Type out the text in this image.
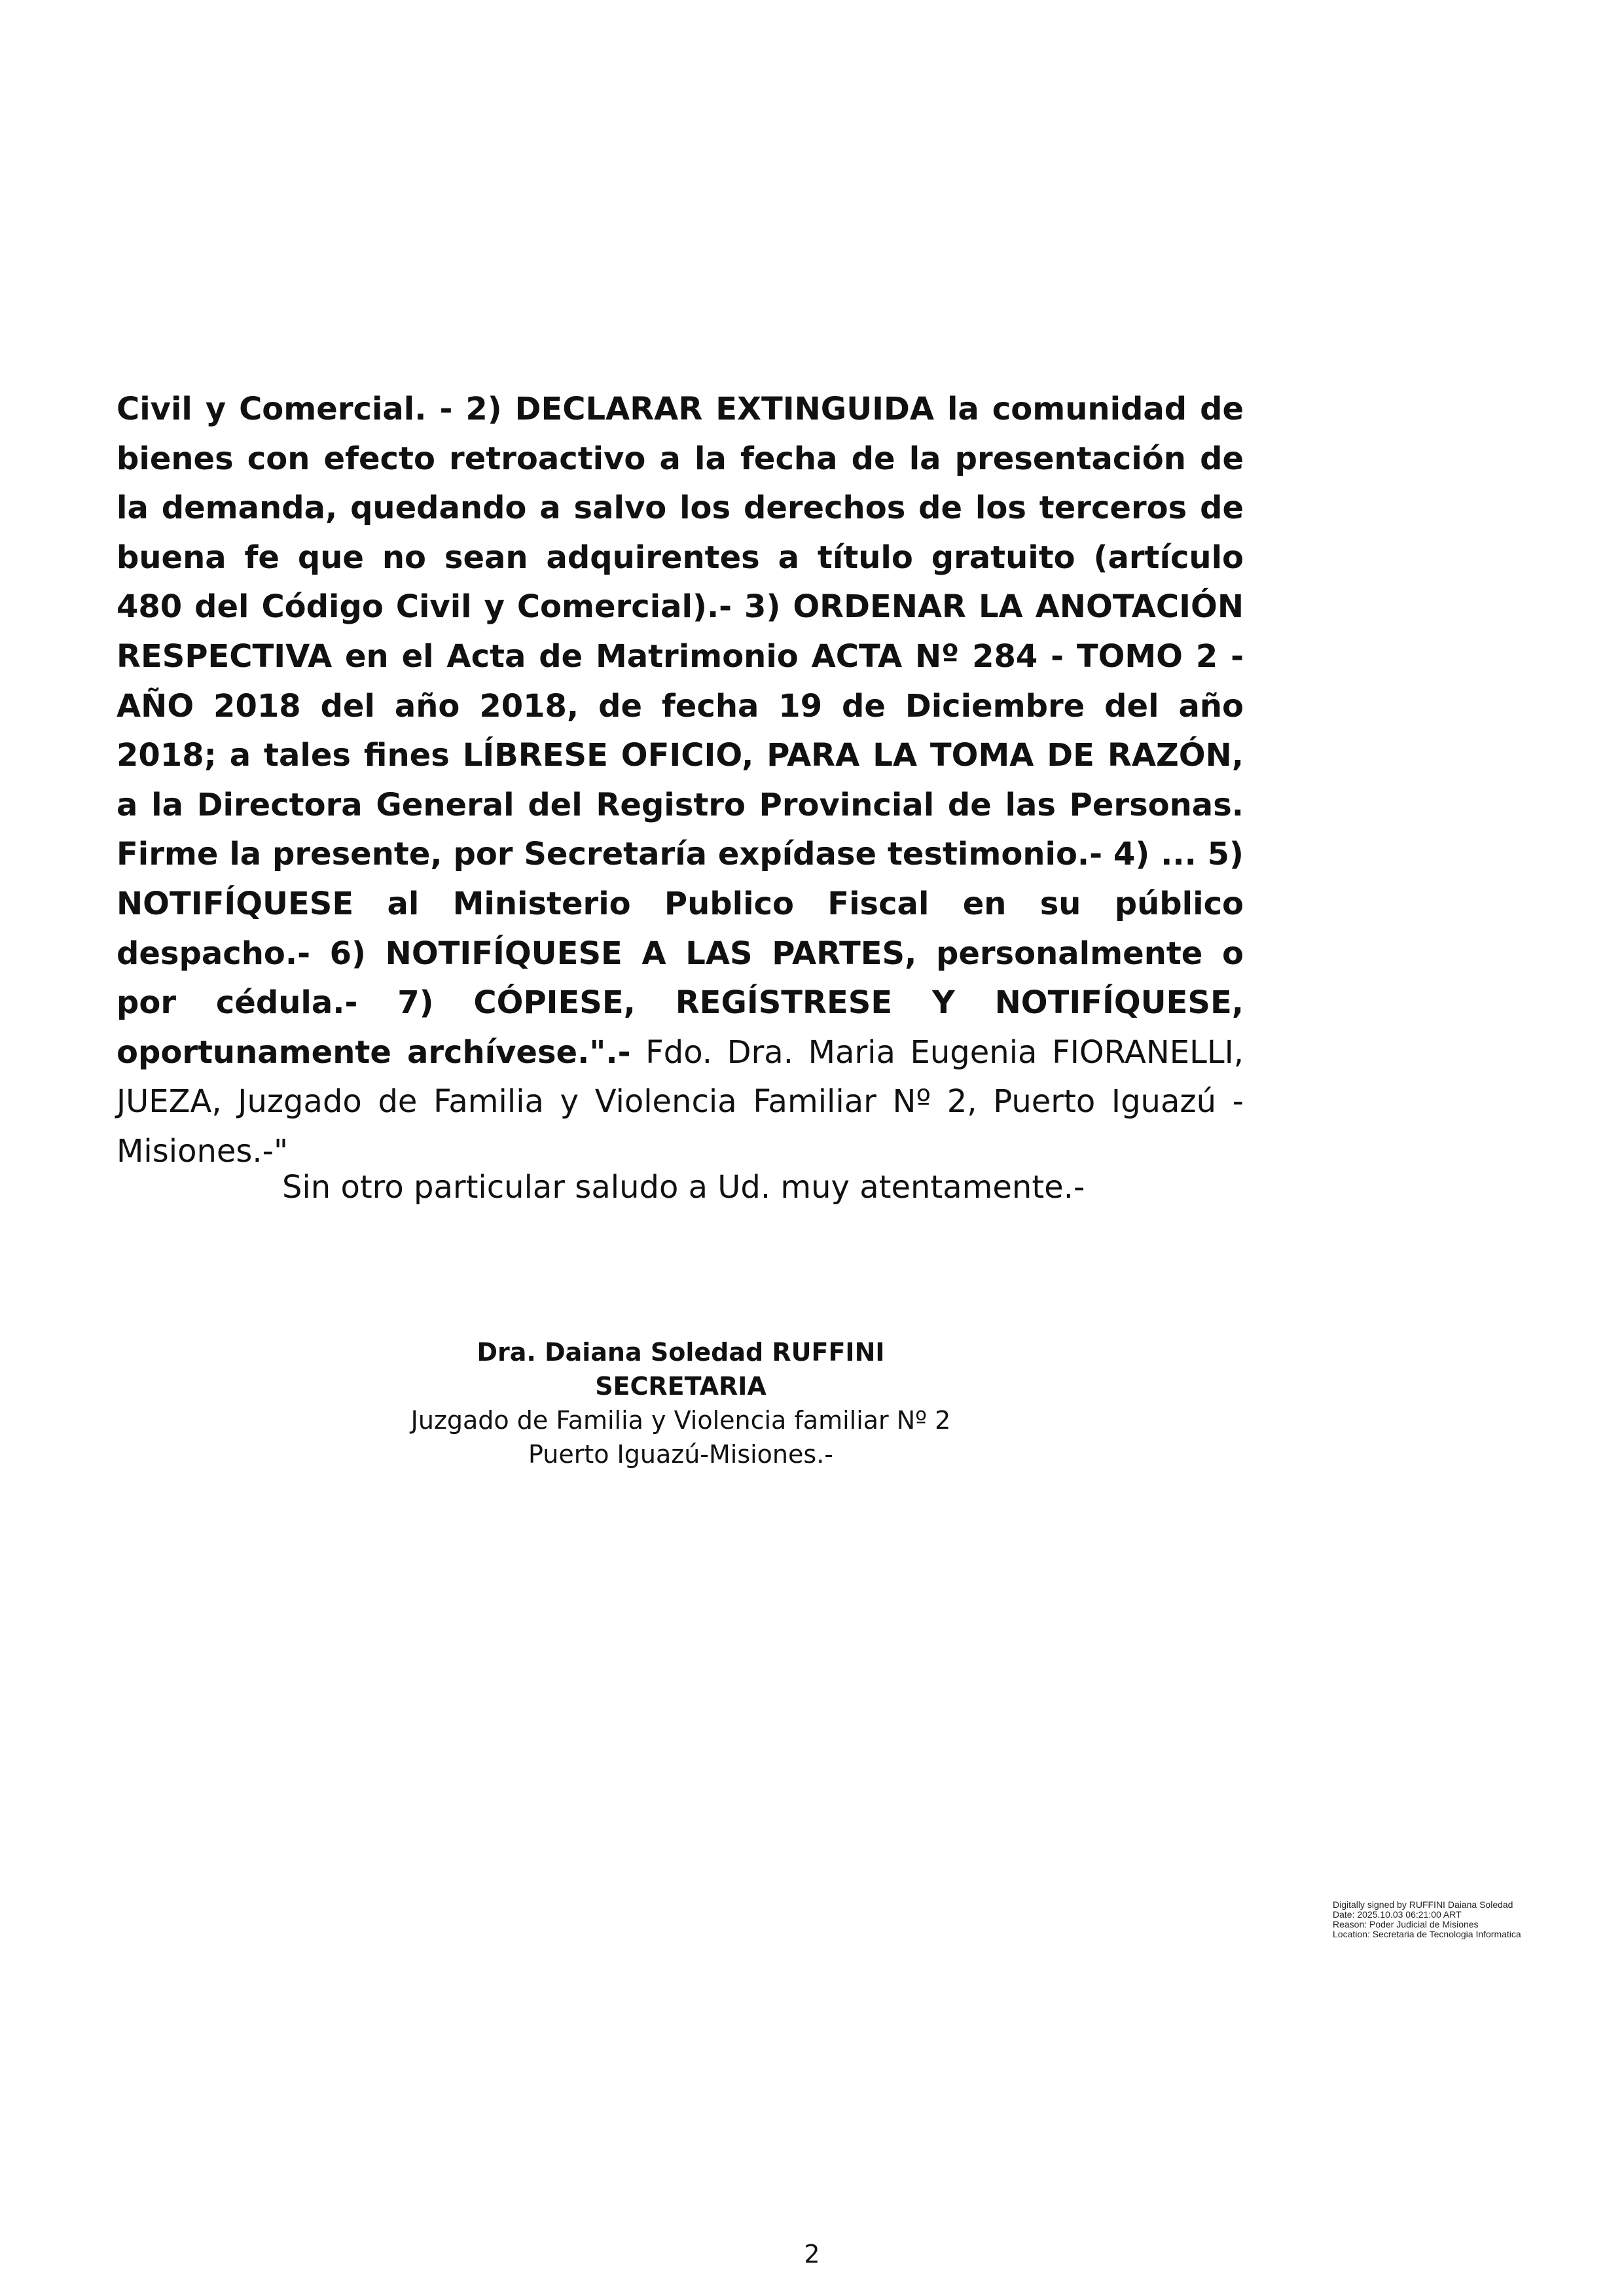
Civil y Comercial. - 2) DECLARAR EXTINGUIDA la comunidad de bienes con efecto retroactivo a la fecha de la presentación de la demanda, quedando a salvo los derechos de los terceros de buena fe que no sean adquirentes a título gratuito (artículo 480 del Código Civil y Comercial).- 3) ORDENAR LA ANOTACIÓN RESPECTIVA en el Acta de Matrimonio ACTA Nº 284 - TOMO 2 - AÑO 2018 del año 2018, de fecha 19 de Diciembre del año 2018; a tales fines LÍBRESE OFICIO, PARA LA TOMA DE RAZÓN, a la Directora General del Registro Provincial de las Personas. Firme la presente, por Secretaría expídase testimonio.- 4) ... 5) NOTIFÍQUESE al Ministerio Publico Fiscal en su público despacho.- 6) NOTIFÍQUESE A LAS PARTES, personalmente o por cédula.- 7) CÓPIESE, REGÍSTRESE Y NOTIFÍQUESE, oportunamente archívese.".- Fdo. Dra. Maria Eugenia FIORANELLI, JUEZA, Juzgado de Familia y Violencia Familiar Nº 2, Puerto Iguazú - Misiones.-"

Sin otro particular saludo a Ud. muy atentamente.-

Dra. Daiana Soledad RUFFINI
SECRETARIA
Juzgado de Familia y Violencia familiar Nº 2
Puerto Iguazú-Misiones.-
Digitally signed by RUFFINI Daiana Soledad
Date: 2025.10.03 06:21:00 ART
Reason: Poder Judicial de Misiones
Location: Secretaria de Tecnologia Informatica
2
